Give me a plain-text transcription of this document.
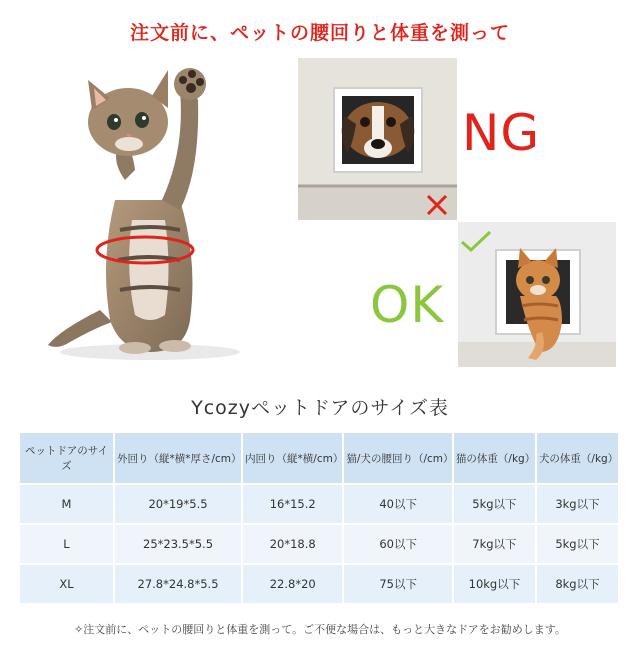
注文前に、ペットの腰回りと体重を測って
NG
OK
Ycozyペットドアのサイズ表
ペットドアのサイズ	外回り（縦*横*厚さ/cm）	内回り（縦*横/cm）	猫/犬の腰回り（/cm）	猫の体重（/kg）	犬の体重（/kg）
M	20*19*5.5	16*15.2	40以下	5kg以下	3kg以下
L	25*23.5*5.5	20*18.8	60以下	7kg以下	5kg以下
XL	27.8*24.8*5.5	22.8*20	75以下	10kg以下	8kg以下
✧注文前に、ペットの腰回りと体重を測って。ご不便な場合は、もっと大きなドアをお勧めします。
